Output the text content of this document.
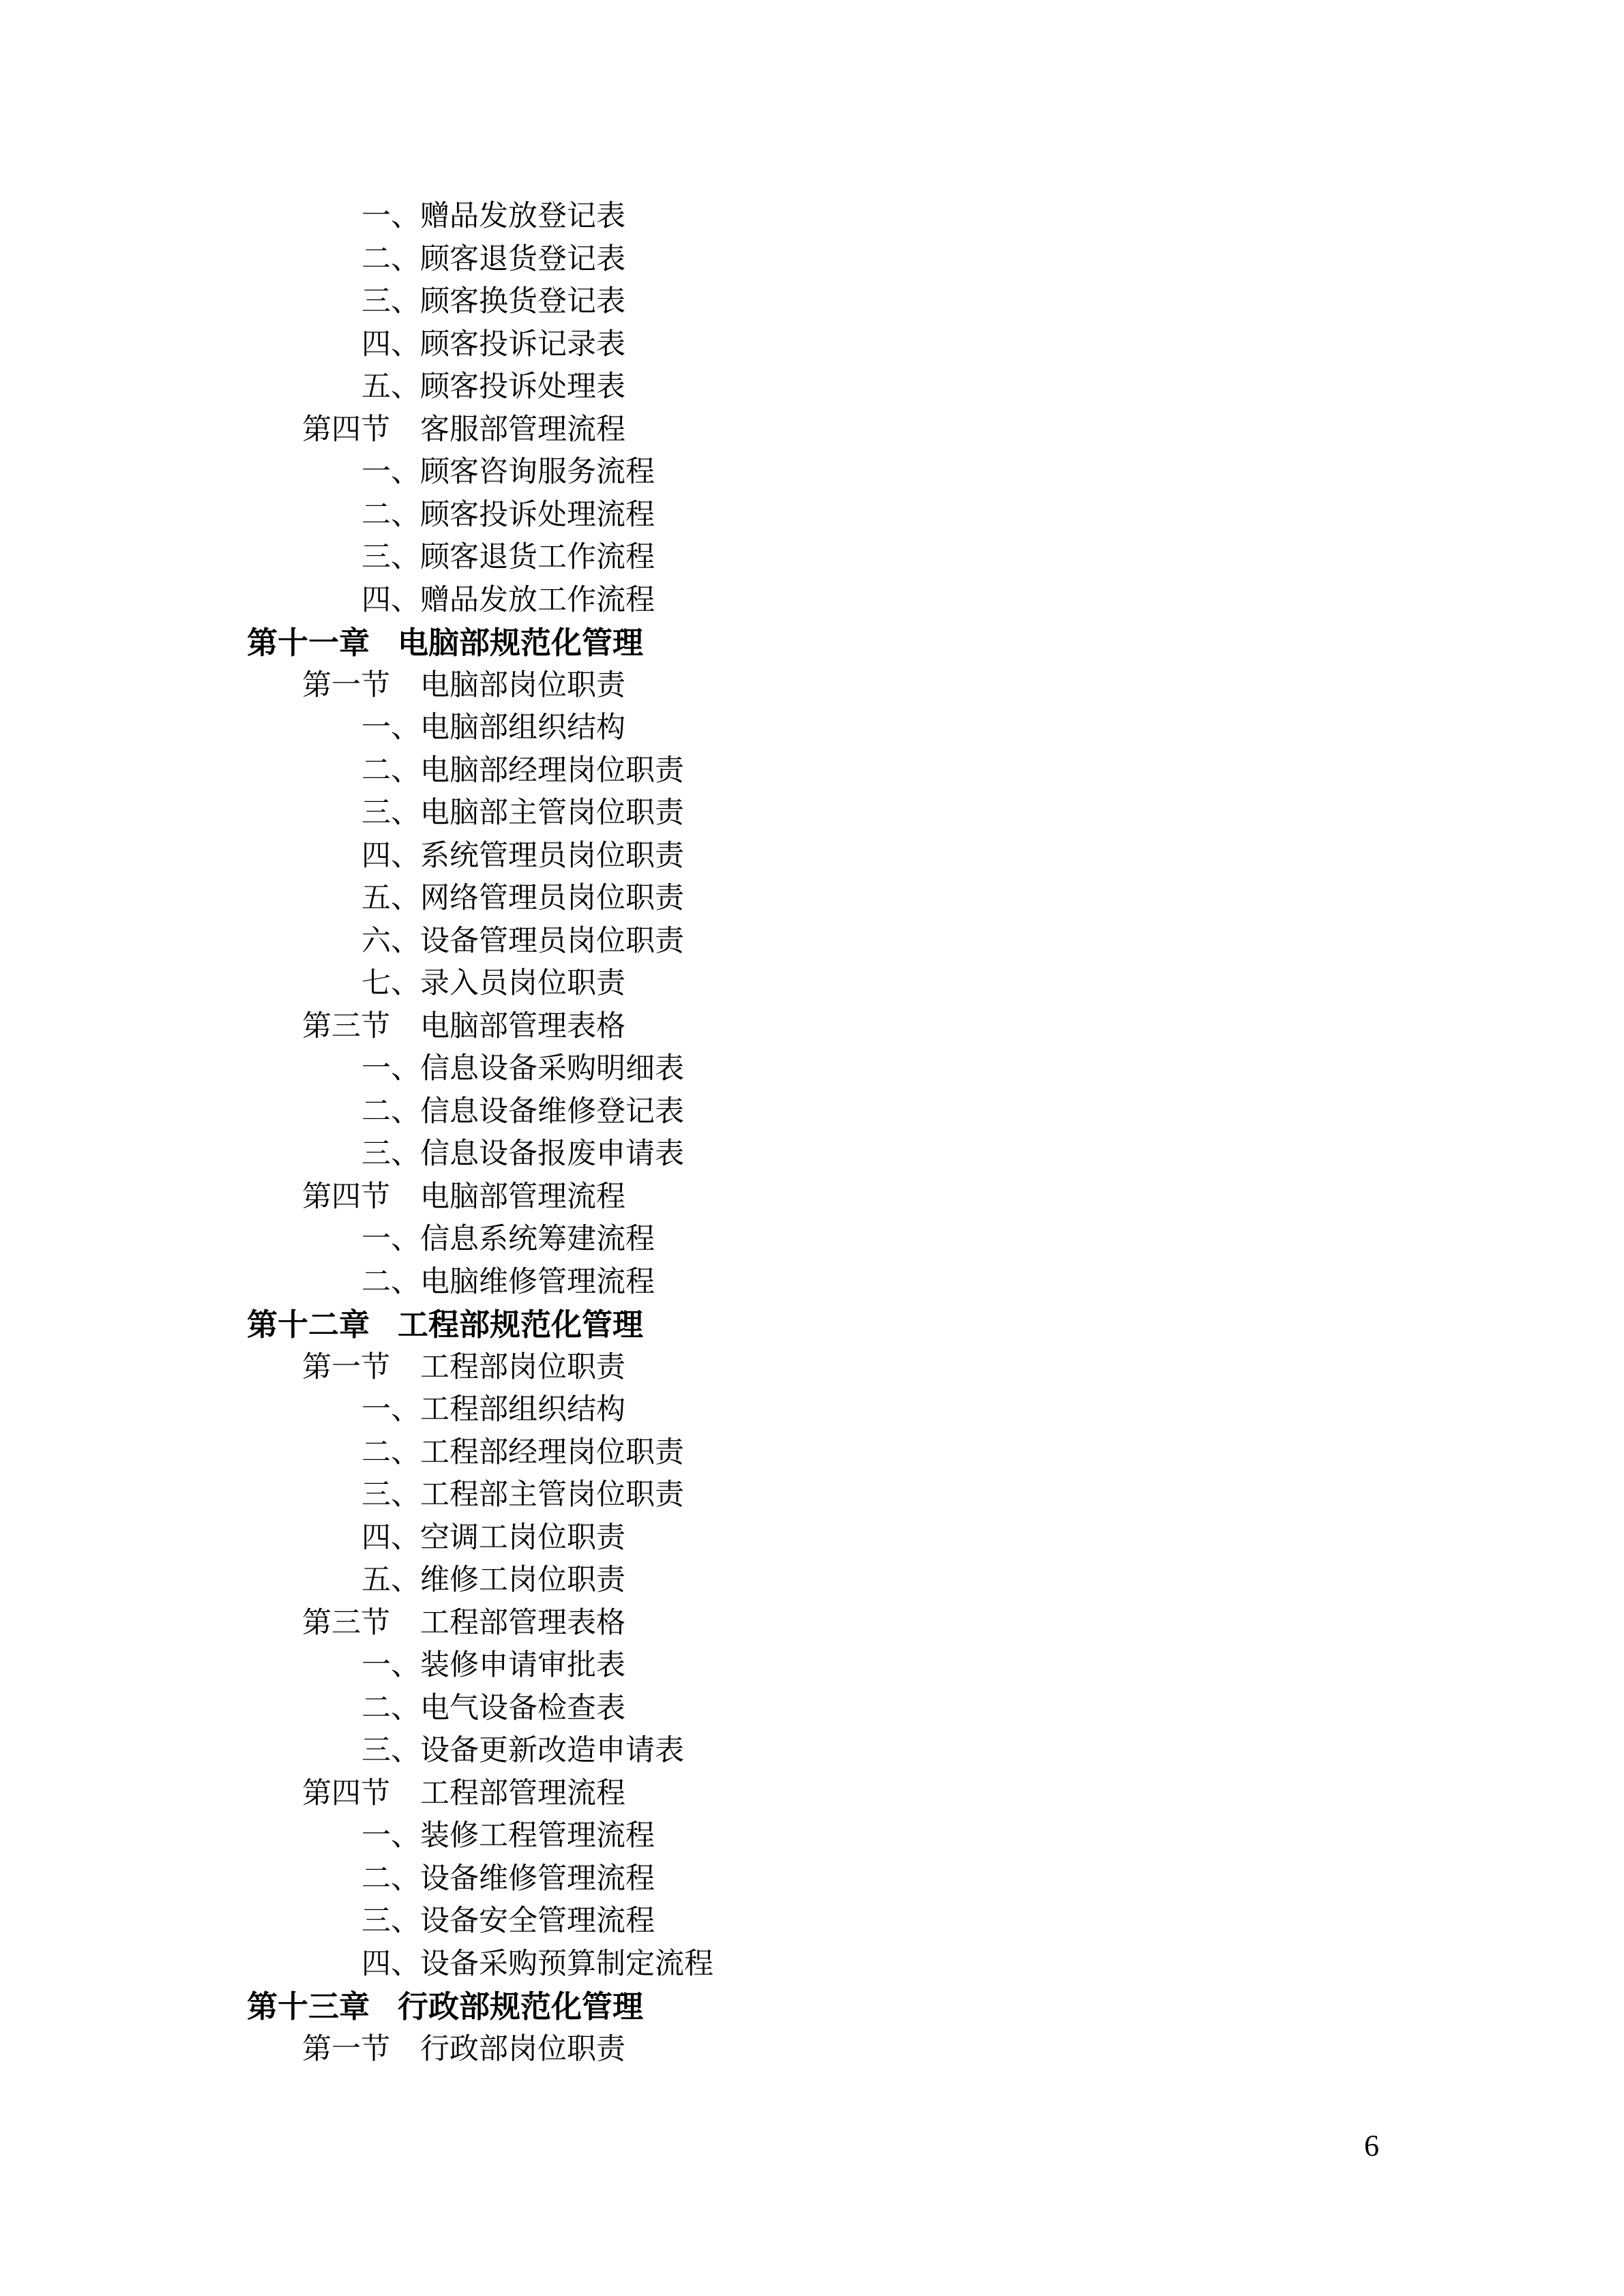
一、赠品发放登记表
二、顾客退货登记表
三、顾客换货登记表
四、顾客投诉记录表
五、顾客投诉处理表
第四节 客服部管理流程
一、顾客咨询服务流程
二、顾客投诉处理流程
三、顾客退货工作流程
四、赠品发放工作流程
第十一章 电脑部规范化管理
第一节 电脑部岗位职责
一、电脑部组织结构
二、电脑部经理岗位职责
三、电脑部主管岗位职责
四、系统管理员岗位职责
五、网络管理员岗位职责
六、设备管理员岗位职责
七、录入员岗位职责
第三节 电脑部管理表格
一、信息设备采购明细表
二、信息设备维修登记表
三、信息设备报废申请表
第四节 电脑部管理流程
一、信息系统筹建流程
二、电脑维修管理流程
第十二章 工程部规范化管理
第一节 工程部岗位职责
一、工程部组织结构
二、工程部经理岗位职责
三、工程部主管岗位职责
四、空调工岗位职责
五、维修工岗位职责
第三节 工程部管理表格
一、装修申请审批表
二、电气设备检查表
三、设备更新改造申请表
第四节 工程部管理流程
一、装修工程管理流程
二、设备维修管理流程
三、设备安全管理流程
四、设备采购预算制定流程
第十三章 行政部规范化管理
第一节 行政部岗位职责
6
